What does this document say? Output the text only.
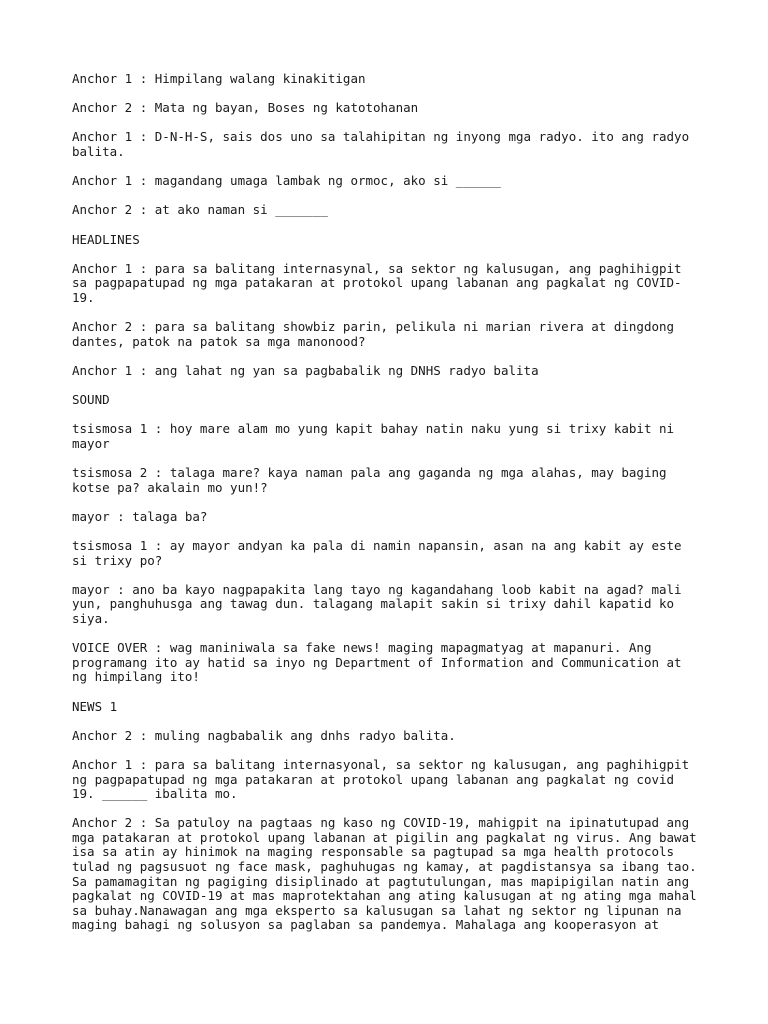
Anchor 1 : Himpilang walang kinakitigan

Anchor 2 : Mata ng bayan, Boses ng katotohanan

Anchor 1 : D-N-H-S, sais dos uno sa talahipitan ng inyong mga radyo. ito ang radyo
balita.

Anchor 1 : magandang umaga lambak ng ormoc, ako si ______

Anchor 2 : at ako naman si _______

HEADLINES

Anchor 1 : para sa balitang internasynal, sa sektor ng kalusugan, ang paghihigpit
sa pagpapatupad ng mga patakaran at protokol upang labanan ang pagkalat ng COVID-
19.

Anchor 2 : para sa balitang showbiz parin, pelikula ni marian rivera at dingdong
dantes, patok na patok sa mga manonood?

Anchor 1 : ang lahat ng yan sa pagbabalik ng DNHS radyo balita

SOUND

tsismosa 1 : hoy mare alam mo yung kapit bahay natin naku yung si trixy kabit ni
mayor

tsismosa 2 : talaga mare? kaya naman pala ang gaganda ng mga alahas, may baging
kotse pa? akalain mo yun!?

mayor : talaga ba?

tsismosa 1 : ay mayor andyan ka pala di namin napansin, asan na ang kabit ay este
si trixy po?

mayor : ano ba kayo nagpapakita lang tayo ng kagandahang loob kabit na agad? mali
yun, panghuhusga ang tawag dun. talagang malapit sakin si trixy dahil kapatid ko
siya.

VOICE OVER : wag maniniwala sa fake news! maging mapagmatyag at mapanuri. Ang
programang ito ay hatid sa inyo ng Department of Information and Communication at
ng himpilang ito!

NEWS 1

Anchor 2 : muling nagbabalik ang dnhs radyo balita.

Anchor 1 : para sa balitang internasyonal, sa sektor ng kalusugan, ang paghihigpit
ng pagpapatupad ng mga patakaran at protokol upang labanan ang pagkalat ng covid
19. ______ ibalita mo.

Anchor 2 : Sa patuloy na pagtaas ng kaso ng COVID-19, mahigpit na ipinatutupad ang
mga patakaran at protokol upang labanan at pigilin ang pagkalat ng virus. Ang bawat
isa sa atin ay hinimok na maging responsable sa pagtupad sa mga health protocols
tulad ng pagsusuot ng face mask, paghuhugas ng kamay, at pagdistansya sa ibang tao.
Sa pamamagitan ng pagiging disiplinado at pagtutulungan, mas mapipigilan natin ang
pagkalat ng COVID-19 at mas maprotektahan ang ating kalusugan at ng ating mga mahal
sa buhay.Nanawagan ang mga eksperto sa kalusugan sa lahat ng sektor ng lipunan na
maging bahagi ng solusyon sa paglaban sa pandemya. Mahalaga ang kooperasyon at
